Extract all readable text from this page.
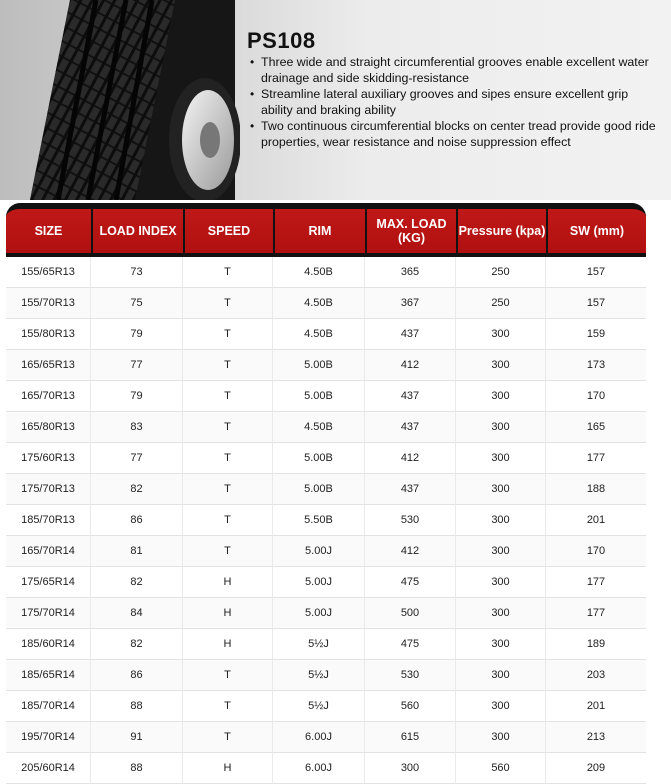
PS108
• Three wide and straight circumferential grooves enable excellent water drainage and side skidding-resistance
• Streamline lateral auxiliary grooves and sipes ensure excellent grip ability and braking ability
• Two continuous circumferential blocks on center tread provide good ride properties, wear resistance and noise suppression effect
SIZE	LOAD INDEX	SPEED	RIM	MAX. LOAD (KG)	Pressure (kpa)	SW (mm)
155/65R13	73	T	4.50B	365	250	157
155/70R13	75	T	4.50B	367	250	157
155/80R13	79	T	4.50B	437	300	159
165/65R13	77	T	5.00B	412	300	173
165/70R13	79	T	5.00B	437	300	170
165/80R13	83	T	4.50B	437	300	165
175/60R13	77	T	5.00B	412	300	177
175/70R13	82	T	5.00B	437	300	188
185/70R13	86	T	5.50B	530	300	201
165/70R14	81	T	5.00J	412	300	170
175/65R14	82	H	5.00J	475	300	177
175/70R14	84	H	5.00J	500	300	177
185/60R14	82	H	5½J	475	300	189
185/65R14	86	T	5½J	530	300	203
185/70R14	88	T	5½J	560	300	201
195/70R14	91	T	6.00J	615	300	213
205/60R14	88	H	6.00J	300	560	209
